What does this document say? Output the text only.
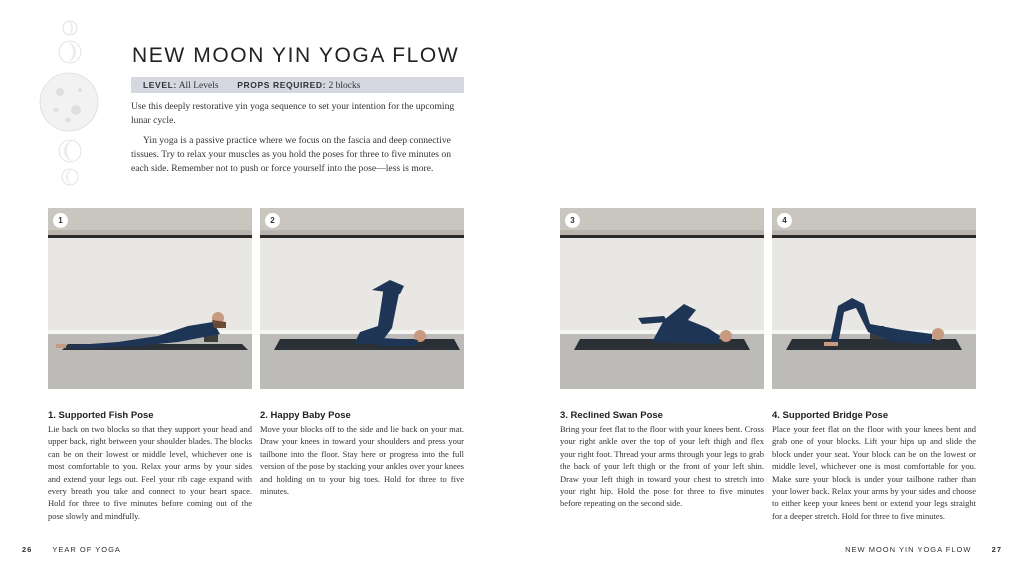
NEW MOON YIN YOGA FLOW
LEVEL: All Levels PROPS REQUIRED: 2 blocks

Use this deeply restorative yin yoga sequence to set your intention for the upcoming lunar cycle.

Yin yoga is a passive practice where we focus on the fascia and deep connective tissues. Try to relax your muscles as you hold the poses for three to five minutes on each side. Remember not to push or force yourself into the pose—less is more.

1	2	3	4
1. Supported Fish Pose

Lie back on two blocks so that they support your head and upper back, right between your shoulder blades. The blocks can be on their lowest or middle level, whichever one is most comfortable to you. Relax your arms by your sides and extend your legs out. Feel your rib cage expand with every breath you take and connect to your heart space. Hold for three to five minutes before coming out of the pose slowly and mindfully.

2. Happy Baby Pose

Move your blocks off to the side and lie back on your mat. Draw your knees in toward your shoulders and press your tailbone into the floor. Stay here or progress into the full version of the pose by stacking your ankles over your knees and holding on to your big toes. Hold for three to five minutes.

3. Reclined Swan Pose

Bring your feet flat to the floor with your knees bent. Cross your right ankle over the top of your left thigh and flex your right foot. Thread your arms through your legs to grab the back of your left thigh or the front of your left shin. Draw your left thigh in toward your chest to stretch into your right hip. Hold the pose for three to five minutes before repeating on the second side.

4. Supported Bridge Pose

Place your feet flat on the floor with your knees bent and grab one of your blocks. Lift your hips up and slide the block under your seat. Your block can be on the lowest or middle level, whichever one is most comfortable for you. Make sure your block is under your tailbone rather than your lower back. Relax your arms by your sides and choose to either keep your knees bent or extend your legs straight for a deeper stretch. Hold for three to five minutes.

26	YEAR OF YOGA	NEW MOON YIN YOGA FLOW	27
